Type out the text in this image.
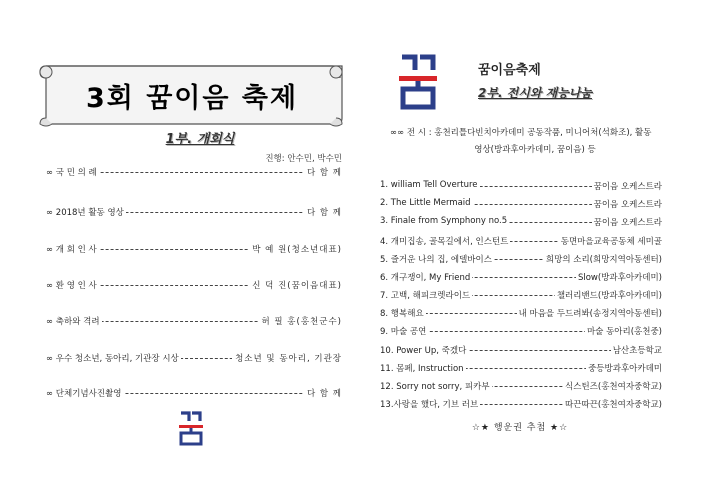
3회 꿈이음 축제
1부. 개회식
진행: 안수민, 박수민
∞ 국 민 의 례	다 함 께
∞ 2018년 활동 영상	다 함 께
∞ 개 회 인 사	박 예 원(청소년대표)
∞ 환 영 인 사	신 덕 진(꿈이음대표)
∞ 축하와 격려	허 필 홍(홍천군수)
∞ 우수 청소년, 동아리, 기관장 시상	청소년 및 동아리, 기관장
∞ 단체기념사진촬영	다 함 께
꿈이음축제
2부. 전시와 재능나눔
∞∞ 전 시 : 홍천리틀다빈치아카데미 공동작품, 미니어처(석화조), 활동
영상(방과후아카데미, 꿈이음) 등
1. william Tell Overture	꿈이음 오케스트라
2. The Little Mermaid	꿈이음 오케스트라
3. Finale from Symphony no.5	꿈이음 오케스트라
4. 개미집송, 골목길에서, 인스턴트	동면마을교육공동체 세미골
5. 즐거운 나의 집, 에델바이스	희망의 소리(희망지역아동센터)
6. 개구쟁이, My Friend	Slow(방과후아카데미)
7. 고백, 해피크렛라이드	챌러리밴드(방과후아카데미)
8. 행복해요	내 마음을 두드려봐(송정지역아동센터)
9. 마술 공연	마술 동아리(홍천중)
10. Power Up, 죽겠다	남산초등학교
11. 몸페, Instruction	중등방과후아카데미
12. Sorry not sorry, 피카부	식스틴즈(홍천여자중학교)
13.사랑을 했다, 기브 러브	따끈따끈(홍천여자중학교)
☆★ 행운권 추첨 ★☆
